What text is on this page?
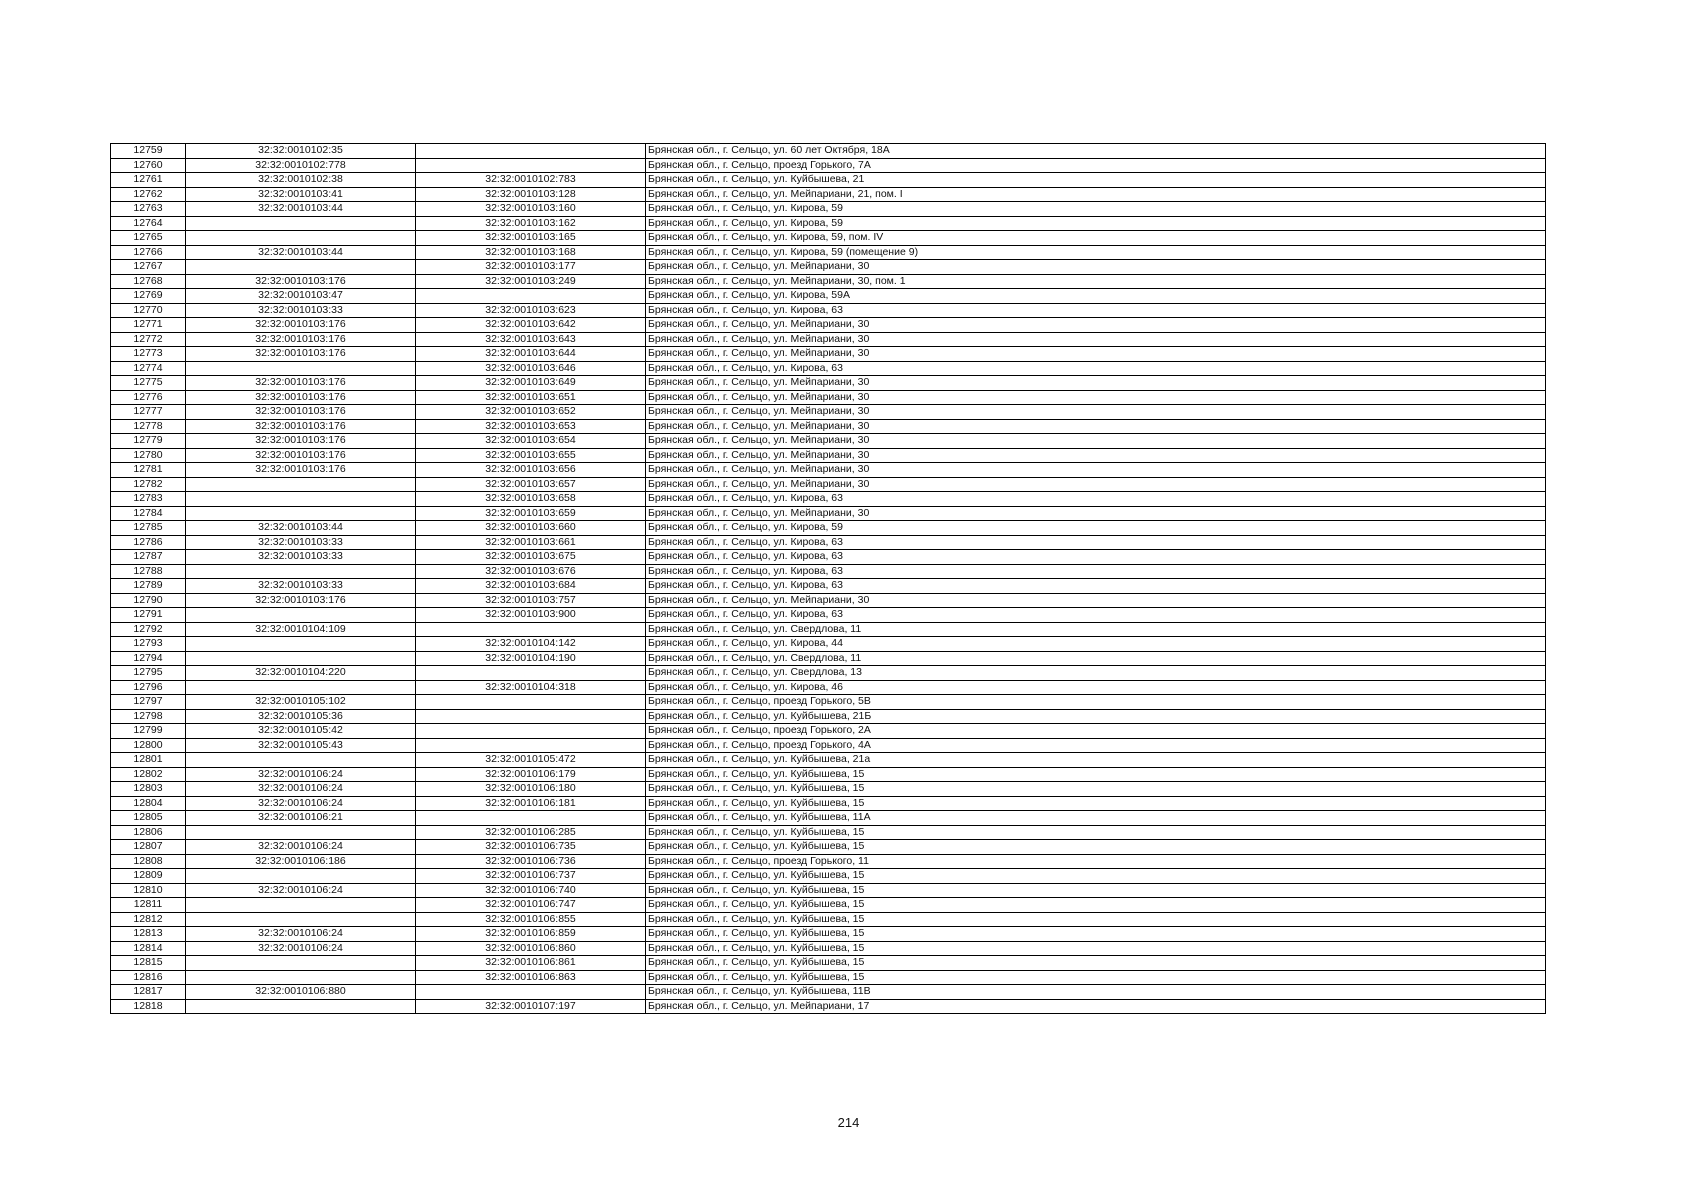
12759	32:32:0010102:35		Брянская обл., г. Сельцо, ул. 60 лет Октября, 18А
12760	32:32:0010102:778		Брянская обл., г. Сельцо, проезд Горького, 7А
12761	32:32:0010102:38	32:32:0010102:783	Брянская обл., г. Сельцо, ул. Куйбышева, 21
12762	32:32:0010103:41	32:32:0010103:128	Брянская обл., г. Сельцо, ул. Мейпариани, 21, пом. I
12763	32:32:0010103:44	32:32:0010103:160	Брянская обл., г. Сельцо, ул. Кирова, 59
12764		32:32:0010103:162	Брянская обл., г. Сельцо, ул. Кирова, 59
12765		32:32:0010103:165	Брянская обл., г. Сельцо, ул. Кирова, 59, пом. IV
12766	32:32:0010103:44	32:32:0010103:168	Брянская обл., г. Сельцо, ул. Кирова, 59 (помещение 9)
12767		32:32:0010103:177	Брянская обл., г. Сельцо, ул. Мейпариани, 30
12768	32:32:0010103:176	32:32:0010103:249	Брянская обл., г. Сельцо, ул. Мейпариани, 30, пом. 1
12769	32:32:0010103:47		Брянская обл., г. Сельцо, ул. Кирова, 59А
12770	32:32:0010103:33	32:32:0010103:623	Брянская обл., г. Сельцо, ул. Кирова, 63
12771	32:32:0010103:176	32:32:0010103:642	Брянская обл., г. Сельцо, ул. Мейпариани, 30
12772	32:32:0010103:176	32:32:0010103:643	Брянская обл., г. Сельцо, ул. Мейпариани, 30
12773	32:32:0010103:176	32:32:0010103:644	Брянская обл., г. Сельцо, ул. Мейпариани, 30
12774		32:32:0010103:646	Брянская обл., г. Сельцо, ул. Кирова, 63
12775	32:32:0010103:176	32:32:0010103:649	Брянская обл., г. Сельцо, ул. Мейпариани, 30
12776	32:32:0010103:176	32:32:0010103:651	Брянская обл., г. Сельцо, ул. Мейпариани, 30
12777	32:32:0010103:176	32:32:0010103:652	Брянская обл., г. Сельцо, ул. Мейпариани, 30
12778	32:32:0010103:176	32:32:0010103:653	Брянская обл., г. Сельцо, ул. Мейпариани, 30
12779	32:32:0010103:176	32:32:0010103:654	Брянская обл., г. Сельцо, ул. Мейпариани, 30
12780	32:32:0010103:176	32:32:0010103:655	Брянская обл., г. Сельцо, ул. Мейпариани, 30
12781	32:32:0010103:176	32:32:0010103:656	Брянская обл., г. Сельцо, ул. Мейпариани, 30
12782		32:32:0010103:657	Брянская обл., г. Сельцо, ул. Мейпариани, 30
12783		32:32:0010103:658	Брянская обл., г. Сельцо, ул. Кирова, 63
12784		32:32:0010103:659	Брянская обл., г. Сельцо, ул. Мейпариани, 30
12785	32:32:0010103:44	32:32:0010103:660	Брянская обл., г. Сельцо, ул. Кирова, 59
12786	32:32:0010103:33	32:32:0010103:661	Брянская обл., г. Сельцо, ул. Кирова, 63
12787	32:32:0010103:33	32:32:0010103:675	Брянская обл., г. Сельцо, ул. Кирова, 63
12788		32:32:0010103:676	Брянская обл., г. Сельцо, ул. Кирова, 63
12789	32:32:0010103:33	32:32:0010103:684	Брянская обл., г. Сельцо, ул. Кирова, 63
12790	32:32:0010103:176	32:32:0010103:757	Брянская обл., г. Сельцо, ул. Мейпариани, 30
12791		32:32:0010103:900	Брянская обл., г. Сельцо, ул. Кирова, 63
12792	32:32:0010104:109		Брянская обл., г. Сельцо, ул. Свердлова, 11
12793		32:32:0010104:142	Брянская обл., г. Сельцо, ул. Кирова, 44
12794		32:32:0010104:190	Брянская обл., г. Сельцо, ул. Свердлова, 11
12795	32:32:0010104:220		Брянская обл., г. Сельцо, ул. Свердлова, 13
12796		32:32:0010104:318	Брянская обл., г. Сельцо, ул. Кирова, 46
12797	32:32:0010105:102		Брянская обл., г. Сельцо, проезд Горького, 5В
12798	32:32:0010105:36		Брянская обл., г. Сельцо, ул. Куйбышева, 21Б
12799	32:32:0010105:42		Брянская обл., г. Сельцо, проезд Горького, 2А
12800	32:32:0010105:43		Брянская обл., г. Сельцо, проезд Горького, 4А
12801		32:32:0010105:472	Брянская обл., г. Сельцо, ул. Куйбышева, 21а
12802	32:32:0010106:24	32:32:0010106:179	Брянская обл., г. Сельцо, ул. Куйбышева, 15
12803	32:32:0010106:24	32:32:0010106:180	Брянская обл., г. Сельцо, ул. Куйбышева, 15
12804	32:32:0010106:24	32:32:0010106:181	Брянская обл., г. Сельцо, ул. Куйбышева, 15
12805	32:32:0010106:21		Брянская обл., г. Сельцо, ул. Куйбышева, 11А
12806		32:32:0010106:285	Брянская обл., г. Сельцо, ул. Куйбышева, 15
12807	32:32:0010106:24	32:32:0010106:735	Брянская обл., г. Сельцо, ул. Куйбышева, 15
12808	32:32:0010106:186	32:32:0010106:736	Брянская обл., г. Сельцо, проезд Горького, 11
12809		32:32:0010106:737	Брянская обл., г. Сельцо, ул. Куйбышева, 15
12810	32:32:0010106:24	32:32:0010106:740	Брянская обл., г. Сельцо, ул. Куйбышева, 15
12811		32:32:0010106:747	Брянская обл., г. Сельцо, ул. Куйбышева, 15
12812		32:32:0010106:855	Брянская обл., г. Сельцо, ул. Куйбышева, 15
12813	32:32:0010106:24	32:32:0010106:859	Брянская обл., г. Сельцо, ул. Куйбышева, 15
12814	32:32:0010106:24	32:32:0010106:860	Брянская обл., г. Сельцо, ул. Куйбышева, 15
12815		32:32:0010106:861	Брянская обл., г. Сельцо, ул. Куйбышева, 15
12816		32:32:0010106:863	Брянская обл., г. Сельцо, ул. Куйбышева, 15
12817	32:32:0010106:880		Брянская обл., г. Сельцо, ул. Куйбышева, 11В
12818		32:32:0010107:197	Брянская обл., г. Сельцо, ул. Мейпариани, 17
214
